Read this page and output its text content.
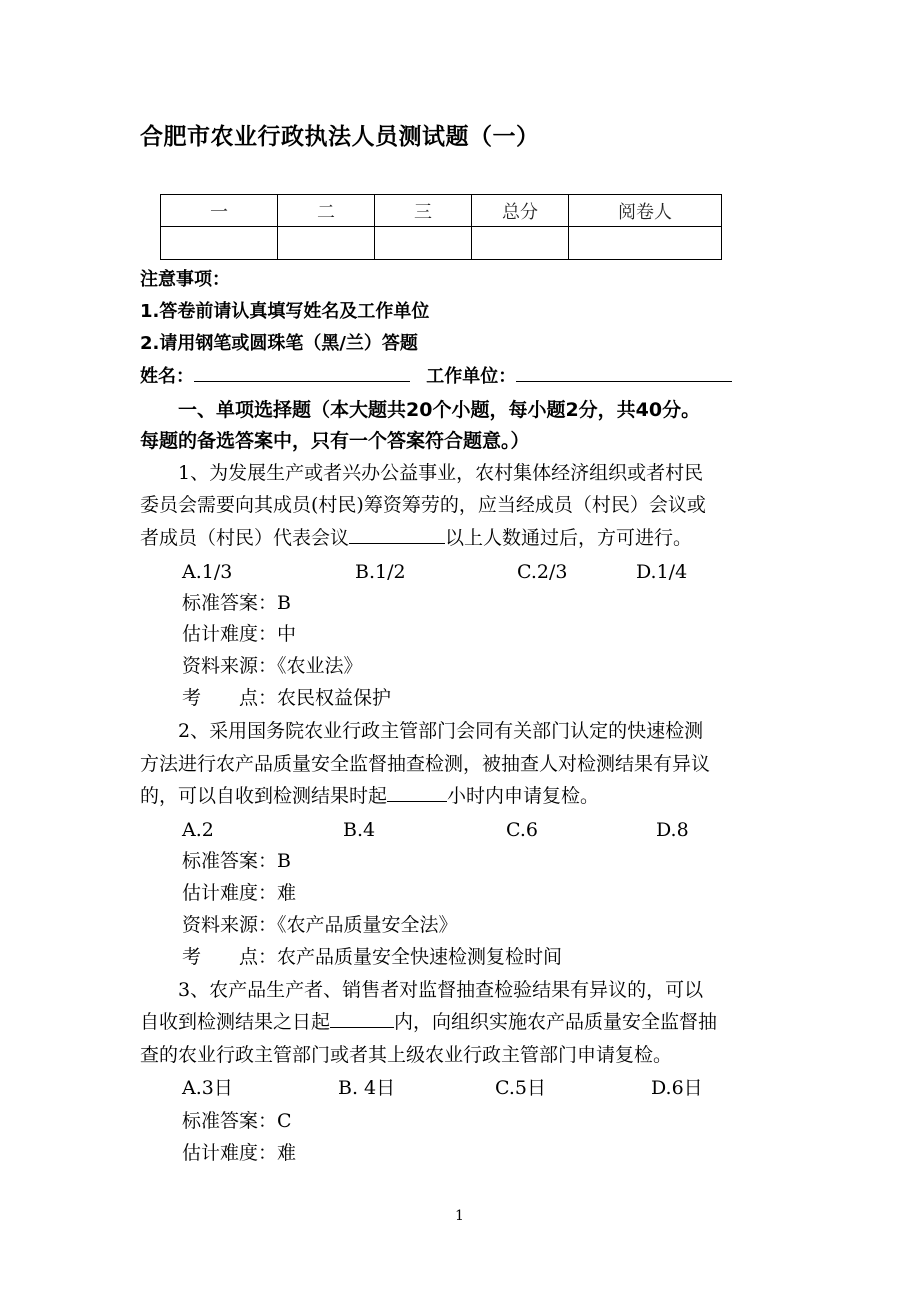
合肥市农业行政执法人员测试题（一）
一	二	三	总分	阅卷人

注意事项：
1.答卷前请认真填写姓名及工作单位
2.请用钢笔或圆珠笔（黑/兰）答题
姓名：	工作单位：
一、单项选择题（本大题共20个小题，每小题2分，共40分。
每题的备选答案中，只有一个答案符合题意。）
1、为发展生产或者兴办公益事业，农村集体经济组织或者村民
委员会需要向其成员(村民)筹资筹劳的，应当经成员（村民）会议或
者成员（村民）代表会议	以上人数通过后，方可进行。
A.1/3	B.1/2	C.2/3	D.1/4
标准答案：B
估计难度：中
资料来源：《农业法》
考　　点：农民权益保护
2、采用国务院农业行政主管部门会同有关部门认定的快速检测
方法进行农产品质量安全监督抽查检测，被抽查人对检测结果有异议
的，可以自收到检测结果时起	小时内申请复检。
A.2	B.4	C.6	D.8
标准答案：B
估计难度：难
资料来源：《农产品质量安全法》
考　　点：农产品质量安全快速检测复检时间
3、农产品生产者、销售者对监督抽查检验结果有异议的，可以
自收到检测结果之日起	内，向组织实施农产品质量安全监督抽
查的农业行政主管部门或者其上级农业行政主管部门申请复检。
A.3日	B. 4日	C.5日	D.6日
标准答案：C
估计难度：难
1
